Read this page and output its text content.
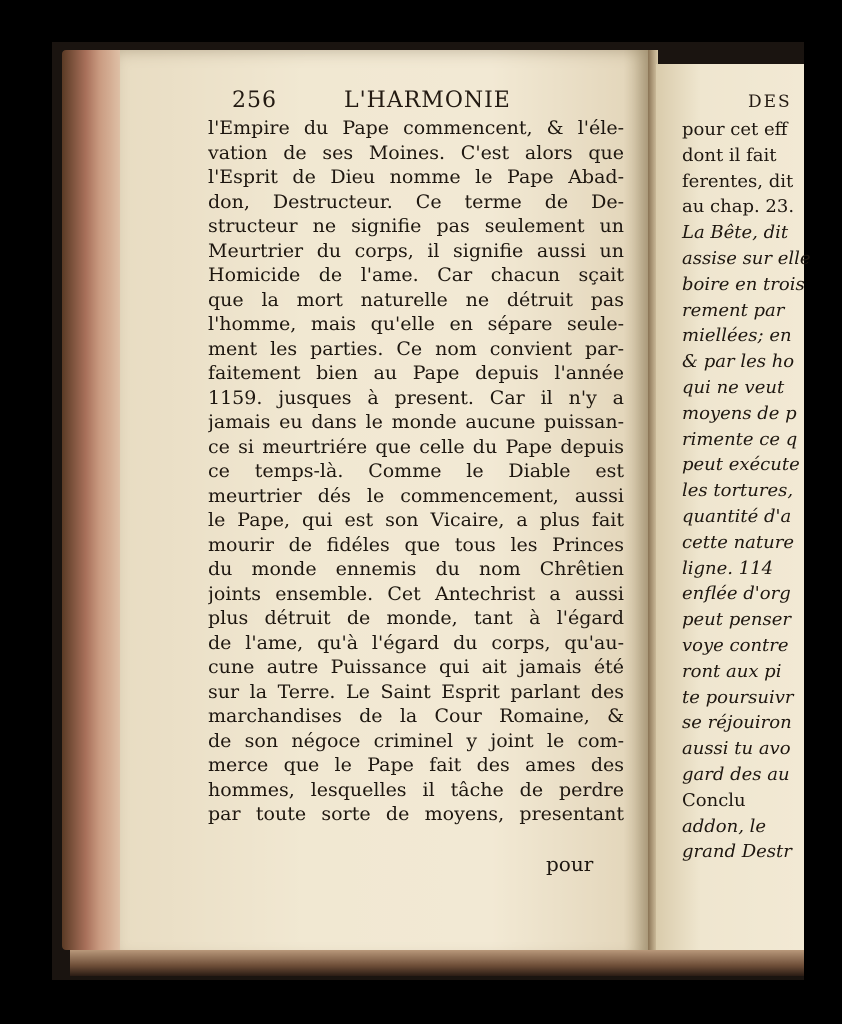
256	L'HARMONIE
l'Empire du Pape commencent, & l'éle-
vation de ses Moines. C'est alors que
l'Esprit de Dieu nomme le Pape Abad-
don, Destructeur. Ce terme de De-
structeur ne signifie pas seulement un
Meurtrier du corps, il signifie aussi un
Homicide de l'ame. Car chacun sçait
que la mort naturelle ne détruit pas
l'homme, mais qu'elle en sépare seule-
ment les parties. Ce nom convient par-
faitement bien au Pape depuis l'année
1159. jusques à present. Car il n'y a
jamais eu dans le monde aucune puissan-
ce si meurtriére que celle du Pape depuis
ce temps-là. Comme le Diable est
meurtrier dés le commencement, aussi
le Pape, qui est son Vicaire, a plus fait
mourir de fidéles que tous les Princes
du monde ennemis du nom Chrêtien
joints ensemble. Cet Antechrist a aussi
plus détruit de monde, tant à l'égard
de l'ame, qu'à l'égard du corps, qu'au-
cune autre Puissance qui ait jamais été
sur la Terre. Le Saint Esprit parlant des
marchandises de la Cour Romaine, &
de son négoce criminel y joint le com-
merce que le Pape fait des ames des
hommes, lesquelles il tâche de perdre
par toute sorte de moyens, presentant
pour
DES
pour cet eff
dont il fait
ferentes, dit
au chap. 23.
La Bête, dit
assise sur elle
boire en trois
rement par
miellées; en
& par les ho
qui ne veut
moyens de p
rimente ce q
peut exécute
les tortures,
quantité d'a
cette nature
ligne. 114
enflée d'org
peut penser
voye contre
ront aux pi
te poursuivr
se réjouiron
aussi tu avo
gard des au
Conclu
addon, le
grand Destr
